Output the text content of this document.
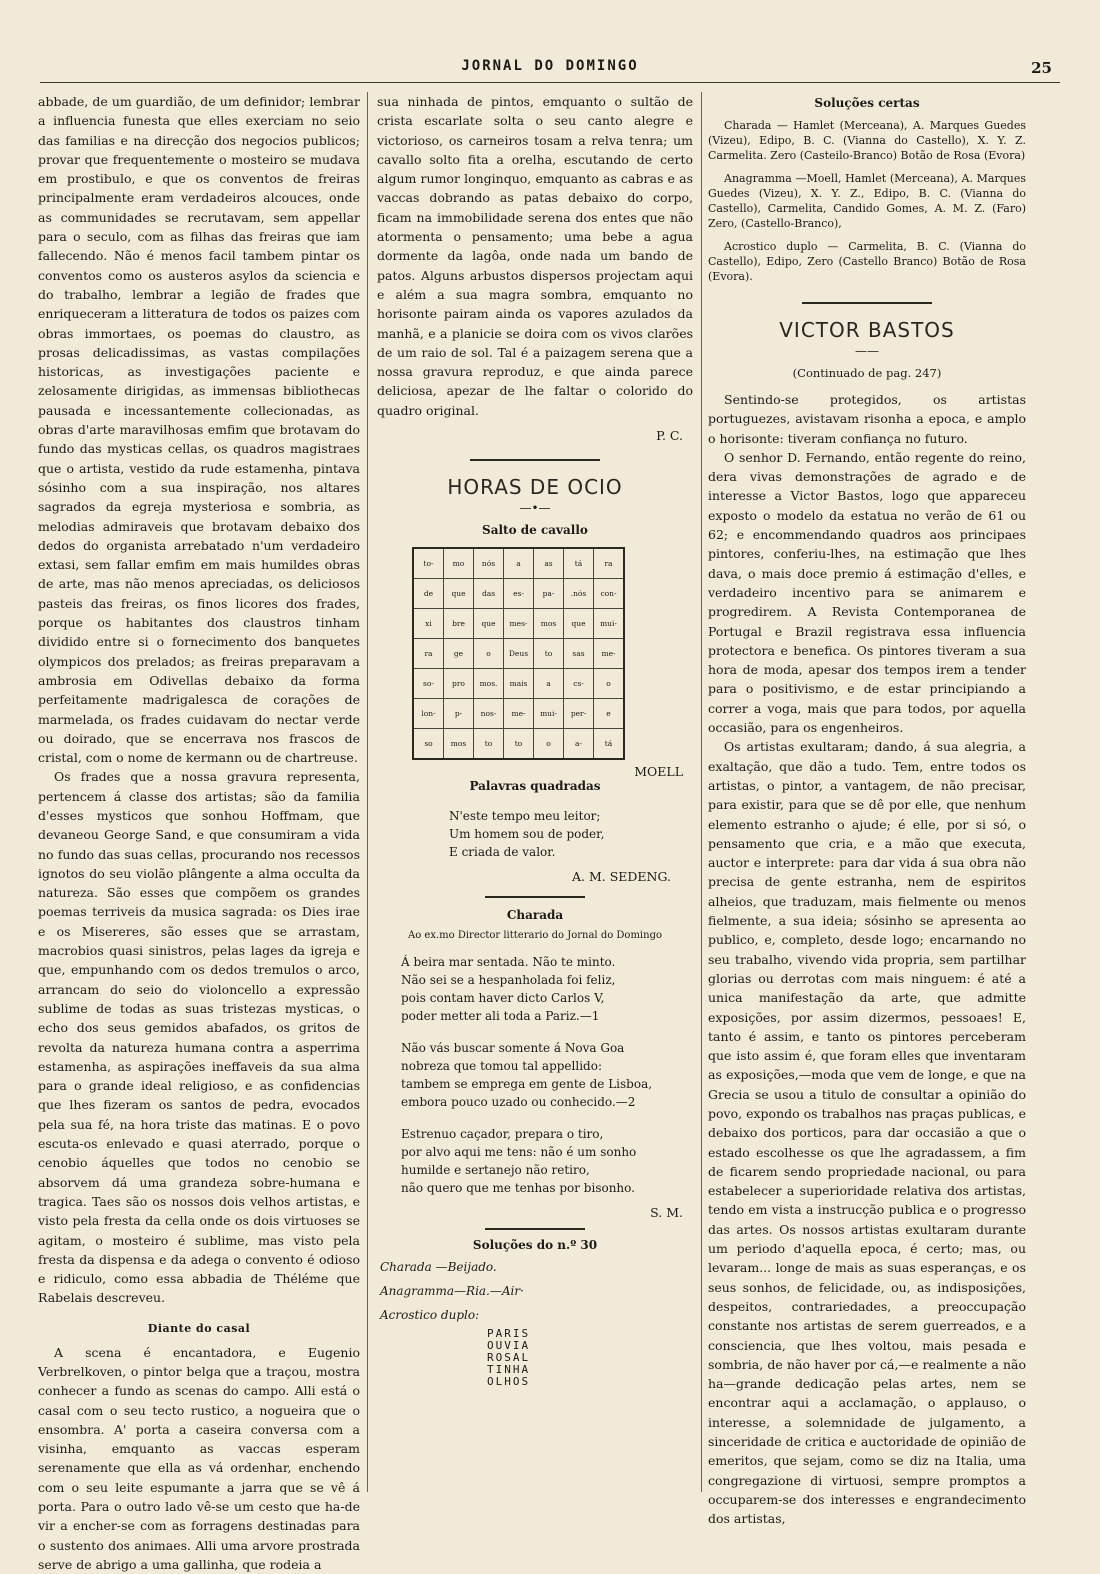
JORNAL DO DOMINGO	25

abbade, de um guardião, de um definidor; lembrar a influencia funesta que elles exerciam no seio das familias e na direcção dos negocios publicos; provar que frequentemente o mosteiro se mudava em prostibulo, e que os conventos de freiras principalmente eram verdadeiros alcouces, onde as communidades se recrutavam, sem appellar para o seculo, com as filhas das freiras que iam fallecendo. Não é menos facil tambem pintar os conventos como os austeros asylos da sciencia e do trabalho, lembrar a legião de frades que enriqueceram a litteratura de todos os paizes com obras immortaes, os poemas do claustro, as prosas delicadissimas, as vastas compilações historicas, as investigações paciente e zelosamente dirigidas, as immensas bibliothecas pausada e incessantemente collecionadas, as obras d'arte maravilhosas emfim que brotavam do fundo das mysticas cellas, os quadros magistraes que o artista, vestido da rude estamenha, pintava sósinho com a sua inspiração, nos altares sagrados da egreja mysteriosa e sombria, as melodias admiraveis que brotavam debaixo dos dedos do organista arrebatado n'um verdadeiro extasi, sem fallar emfim em mais humildes obras de arte, mas não menos apreciadas, os deliciosos pasteis das freiras, os finos licores dos frades, porque os habitantes dos claustros tinham dividido entre si o fornecimento dos banquetes olympicos dos prelados; as freiras preparavam a ambrosia em Odivellas debaixo da forma perfeitamente madrigalesca de corações de marmelada, os frades cuidavam do nectar verde ou doirado, que se encerrava nos frascos de cristal, com o nome de kermann ou de chartreuse.

Os frades que a nossa gravura representa, pertencem á classe dos artistas; são da familia d'esses mysticos que sonhou Hoffmam, que devaneou George Sand, e que consumiram a vida no fundo das suas cellas, procurando nos recessos ignotos do seu violão plângente a alma occulta da natureza. São esses que compõem os grandes poemas terriveis da musica sagrada: os Dies irae e os Misereres, são esses que se arrastam, macrobios quasi sinistros, pelas lages da igreja e que, empunhando com os dedos tremulos o arco, arrancam do seio do violoncello a expressão sublime de todas as suas tristezas mysticas, o echo dos seus gemidos abafados, os gritos de revolta da natureza humana contra a asperrima estamenha, as aspirações ineffaveis da sua alma para o grande ideal religioso, e as confidencias que lhes fizeram os santos de pedra, evocados pela sua fé, na hora triste das matinas. E o povo escuta-os enlevado e quasi aterrado, porque o cenobio áquelles que todos no cenobio se absorvem dá uma grandeza sobre-humana e tragica. Taes são os nossos dois velhos artistas, e visto pela fresta da cella onde os dois virtuoses se agitam, o mosteiro é sublime, mas visto pela fresta da dispensa e da adega o convento é odioso e ridiculo, como essa abbadia de Théléme que Rabelais descreveu.

Diante do casal

A scena é encantadora, e Eugenio Verbrelkoven, o pintor belga que a traçou, mostra conhecer a fundo as scenas do campo. Alli está o casal com o seu tecto rustico, a nogueira que o ensombra. A' porta a caseira conversa com a visinha, emquanto as vaccas esperam serenamente que ella as vá ordenhar, enchendo com o seu leite espumante a jarra que se vê á porta. Para o outro lado vê-se um cesto que ha-de vir a encher-se com as forragens destinadas para o sustento dos animaes. Alli uma arvore prostrada serve de abrigo a uma gallinha, que rodeia a

sua ninhada de pintos, emquanto o sultão de crista escarlate solta o seu canto alegre e victorioso, os carneiros tosam a relva tenra; um cavallo solto fita a orelha, escutando de certo algum rumor longinquo, emquanto as cabras e as vaccas dobrando as patas debaixo do corpo, ficam na immobilidade serena dos entes que não atormenta o pensamento; uma bebe a agua dormente da lagôa, onde nada um bando de patos. Alguns arbustos dispersos projectam aqui e além a sua magra sombra, emquanto no horisonte pairam ainda os vapores azulados da manhã, e a planicie se doira com os vivos clarões de um raio de sol. Tal é a paizagem serena que a nossa gravura reproduz, e que ainda parece deliciosa, apezar de lhe faltar o colorido do quadro original.

P. C.
HORAS DE OCIO
—•—
Salto de cavallo
to-	mo	nós	a	as	tá	ra
de	que	das	es-	pa-	.nós	con-
xi	bre	que	mes-	mos	que	mui-
ra	ge	o	Deus	to	sas	me-
so-	pro	mos.	mais	a	cs-	o
lon-	p-	nos-	me-	mui-	per-	e
so	mos	to	to	o	a-	tá
MOELL
Palavras quadradas
N'este tempo meu leitor;
Um homem sou de poder,
E criada de valor.
A. M. SEDENG.
Charada
Ao ex.mo Director litterario do Jornal do Domingo
Á beira mar sentada. Não te minto.
Não sei se a hespanholada foi feliz,
pois contam haver dicto Carlos V,
poder metter ali toda a Pariz.—1
Não vás buscar somente á Nova Goa
nobreza que tomou tal appellido:
tambem se emprega em gente de Lisboa,
embora pouco uzado ou conhecido.—2
Estrenuo caçador, prepara o tiro,
por alvo aqui me tens: não é um sonho
humilde e sertanejo não retiro,
não quero que me tenhas por bisonho.
S. M.
Soluções do n.º 30
Charada —Beijado.
Anagramma—Ria.—Air·
Acrostico duplo:
PARIS
OUVIA
ROSAL
TINHA
OLHOS
Soluções certas

Charada — Hamlet (Merceana), A. Marques Guedes (Vizeu), Edipo, B. C. (Vianna do Castello), X. Y. Z. Carmelita. Zero (Casteilo-Branco) Botão de Rosa (Evora)

Anagramma —Moell, Hamlet (Merceana), A. Marques Guedes (Vizeu), X. Y. Z., Edipo, B. C. (Vianna do Castello), Carmelita, Candido Gomes, A. M. Z. (Faro) Zero, (Castello-Branco),

Acrostico duplo — Carmelita, B. C. (Vianna do Castello), Edipo, Zero (Castello Branco) Botão de Rosa (Evora).

VICTOR BASTOS
——
(Continuado de pag. 247)

Sentindo-se protegidos, os artistas portuguezes, avistavam risonha a epoca, e amplo o horisonte: tiveram confiança no futuro.

O senhor D. Fernando, então regente do reino, dera vivas demonstrações de agrado e de interesse a Victor Bastos, logo que appareceu exposto o modelo da estatua no verão de 61 ou 62; e encommendando quadros aos principaes pintores, conferiu-lhes, na estimação que lhes dava, o mais doce premio á estimação d'elles, e verdadeiro incentivo para se animarem e progredirem. A Revista Contemporanea de Portugal e Brazil registrava essa influencia protectora e benefica. Os pintores tiveram a sua hora de moda, apesar dos tempos irem a tender para o positivismo, e de estar principiando a correr a voga, mais que para todos, por aquella occasião, para os engenheiros.

Os artistas exultaram; dando, á sua alegria, a exaltação, que dão a tudo. Tem, entre todos os artistas, o pintor, a vantagem, de não precisar, para existir, para que se dê por elle, que nenhum elemento estranho o ajude; é elle, por si só, o pensamento que cria, e a mão que executa, auctor e interprete: para dar vida á sua obra não precisa de gente estranha, nem de espiritos alheios, que traduzam, mais fielmente ou menos fielmente, a sua ideia; sósinho se apresenta ao publico, e, completo, desde logo; encarnando no seu trabalho, vivendo vida propria, sem partilhar glorias ou derrotas com mais ninguem: é até a unica manifestação da arte, que admitte exposições, por assim dizermos, pessoaes! E, tanto é assim, e tanto os pintores perceberam que isto assim é, que foram elles que inventaram as exposições,—moda que vem de longe, e que na Grecia se usou a titulo de consultar a opinião do povo, expondo os trabalhos nas praças publicas, e debaixo dos porticos, para dar occasião a que o estado escolhesse os que lhe agradassem, a fim de ficarem sendo propriedade nacional, ou para estabelecer a superioridade relativa dos artistas, tendo em vista a instrucção publica e o progresso das artes. Os nossos artistas exultaram durante um periodo d'aquella epoca, é certo; mas, ou levaram... longe de mais as suas esperanças, e os seus sonhos, de felicidade, ou, as indisposições, despeitos, contrariedades, a preoccupação constante nos artistas de serem guerreados, e a consciencia, que lhes voltou, mais pesada e sombria, de não haver por cá,—e realmente a não ha—grande dedicação pelas artes, nem se encontrar aqui a acclamação, o applauso, o interesse, a solemnidade de julgamento, a sinceridade de critica e auctoridade de opinião de emeritos, que sejam, como se diz na Italia, uma congregazione di virtuosi, sempre promptos a occuparem-se dos interesses e engrandecimento dos artistas,
